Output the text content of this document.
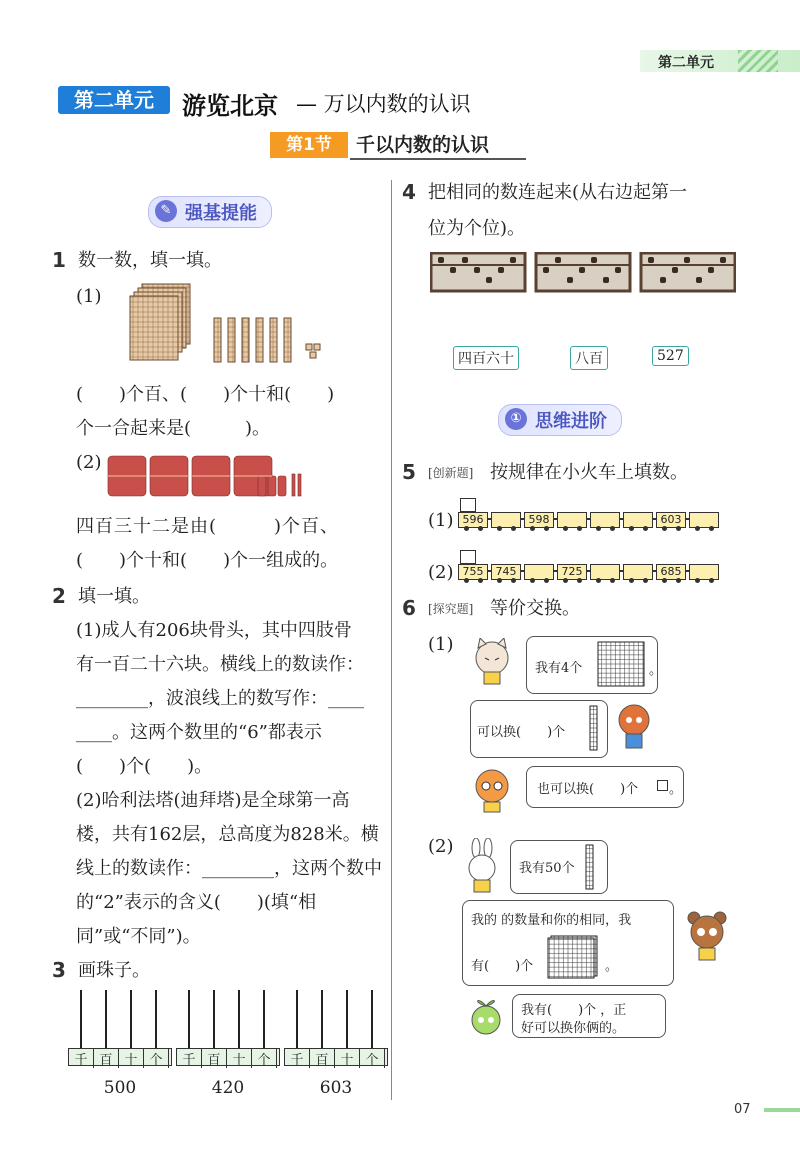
第二单元
第二单元	游览北京 — 万以内数的认识
第1节	千以内数的认识
✎ 强基提能
1 数一数，填一填。
(1)
(　　)个百、(　　)个十和(　　)
个一合起来是(　　　)。
(2)
四百三十二是由(　　　)个百、
(　　)个十和(　　)个一组成的。
2 填一填。
(1)成人有206块骨头，其中四肢骨
有一百二十六块。横线上的数读作：
________，波浪线上的数写作：____
____。这两个数里的“6”都表示
(　　)个(　　)。
(2)哈利法塔(迪拜塔)是全球第一高
楼，共有162层，总高度为828米。横
线上的数读作：________，这两个数中
的“2”表示的含义(　　)(填“相
同”或“不同”)。
3 画珠子。
千 百 十 个
500
千 百 十 个
420
千 百 十 个
603
4 把相同的数连起来(从右边起第一
位为个位)。
四百六十	八百	527
① 思维进阶
5 [创新题] 按规律在小火车上填数。
(1) 596	598	603
(2) 755	745	725	685
6 [探究题] 等价交换。
(1)
我有4个	。
可以换(　　)个
也可以换(　　)个 。
(2)
我有50个
我的 的数量和你的相同，我
有(　　)个	。
我有(　　)个 ，正
好可以换你俩的。
07
